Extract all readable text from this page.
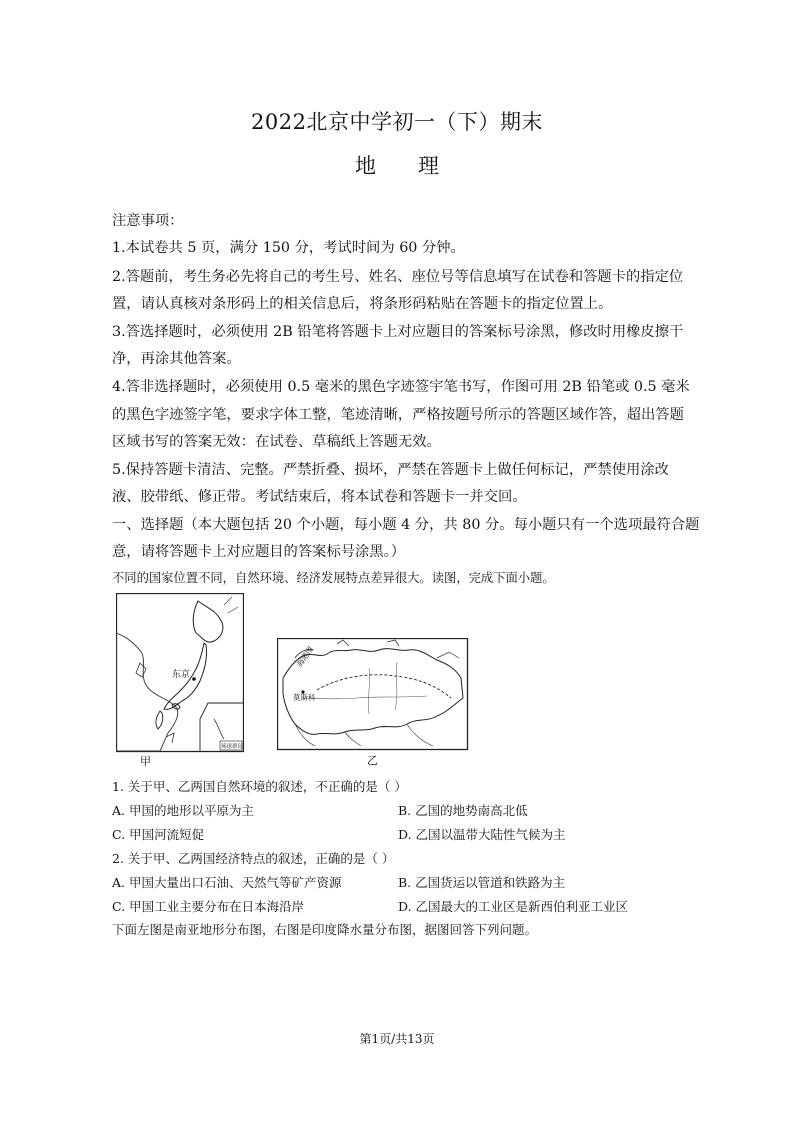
2022北京中学初一（下）期末
地 理
注意事项：
1.本试卷共 5 页，满分 150 分，考试时间为 60 分钟。
2.答题前，考生务必先将自己的考生号、姓名、座位号等信息填写在试卷和答题卡的指定位
置，请认真核对条形码上的相关信息后，将条形码粘贴在答题卡的指定位置上。
3.答选择题时，必须使用 2B 铅笔将答题卡上对应题目的答案标号涂黑，修改时用橡皮擦干
净，再涂其他答案。
4.答非选择题时，必须使用 0.5 毫米的黑色字迹签宇笔书写，作图可用 2B 铅笔或 0.5 毫米
的黑色字迹签字笔，要求字体工整，笔迹清晰，严格按题号所示的答题区域作答，超出答题
区域书写的答案无效：在试卷、草稿纸上答题无效。
5.保持答题卡清洁、完整。严禁折叠、损坏，严禁在答题卡上做任何标记，严禁使用涂改
液、胶带纸、修正带。考试结束后，将本试卷和答题卡一并交回。
一、选择题（本大题包括 20 个小题，每小题 4 分，共 80 分。每小题只有一个选项最符合题
意，请将答题卡上对应题目的答案标号涂黑。）
不同的国家位置不同，自然环境、经济发展特点差异很大。读图，完成下面小题。
东京
琉球群岛
甲
海港图
莫斯科
乙
1. 关于甲、乙两国自然环境的叙述，不正确的是（ ）
A. 甲国的地形以平原为主	B. 乙国的地势南高北低
C. 甲国河流短促	D. 乙国以温带大陆性气候为主
2. 关于甲、乙两国经济特点的叙述，正确的是（ ）
A. 甲国大量出口石油、天然气等矿产资源	B. 乙国货运以管道和铁路为主
C. 甲国工业主要分布在日本海沿岸	D. 乙国最大的工业区是新西伯利亚工业区
下面左图是南亚地形分布图，右图是印度降水量分布图，据图回答下列问题。
第1页/共13页
